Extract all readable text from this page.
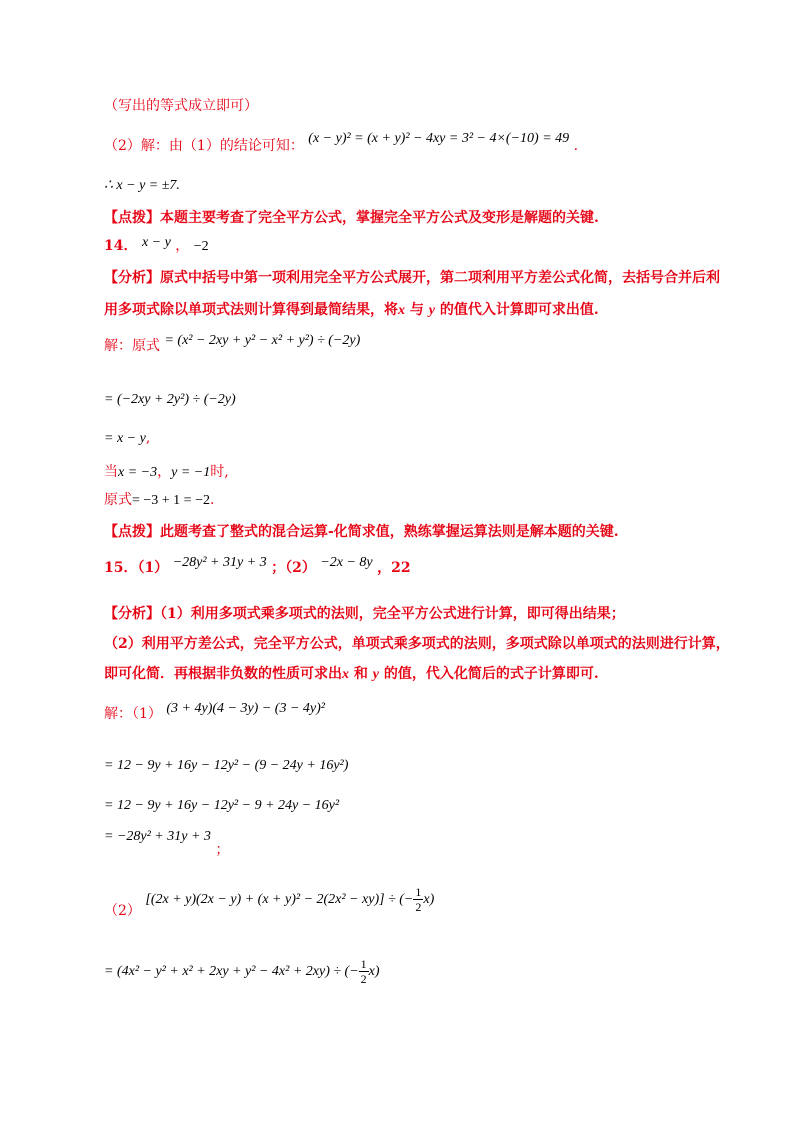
（写出的等式成立即可）
（2）解：由（1）的结论可知： (x − y)² = (x + y)² − 4xy = 3² − 4×(−10) = 49 .
∴ x − y = ±7.
【点拨】本题主要考查了完全平方公式，掌握完全平方公式及变形是解题的关键.
14． x − y ， −2
【分析】原式中括号中第一项利用完全平方公式展开，第二项利用平方差公式化简，去括号合并后利
用多项式除以单项式法则计算得到最简结果，将x 与 y 的值代入计算即可求出值.
解：原式 = (x² − 2xy + y² − x² + y²) ÷ (−2y)
= (−2xy + 2y²) ÷ (−2y)
= x − y,
当x = −3，y = −1时,
原式= −3 + 1 = −2.
【点拨】此题考查了整式的混合运算-化简求值，熟练掌握运算法则是解本题的关键.
15．（1） −28y² + 31y + 3 ；（2） −2x − 8y ，22
【分析】（1）利用多项式乘多项式的法则，完全平方公式进行计算，即可得出结果；
（2）利用平方差公式，完全平方公式，单项式乘多项式的法则，多项式除以单项式的法则进行计算，
即可化简．再根据非负数的性质可求出x 和 y 的值，代入化简后的式子计算即可.
解：（1） (3 + 4y)(4 − 3y) − (3 − 4y)²
= 12 − 9y + 16y − 12y² − (9 − 24y + 16y²)
= 12 − 9y + 16y − 12y² − 9 + 24y − 16y²
= −28y² + 31y + 3 ；
（2） [(2x + y)(2x − y) + (x + y)² − 2(2x² − xy)] ÷ (− $\frac{1}{2} x$)
= (4x² − y² + x² + 2xy + y² − 4x² + 2xy) ÷ (− $\frac{1}{2} x$)
